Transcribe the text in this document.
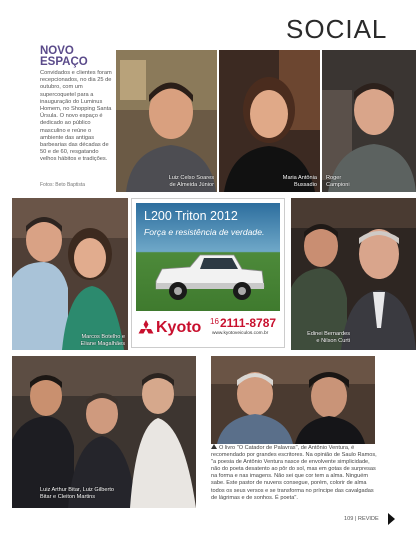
SOCIAL
NOVO
ESPAÇO
Convidados e clientes foram recepcionados, no dia 25 de outubro, com um supercoquetel para a inauguração do Luminus Homem, no Shopping Santa Úrsula. O novo espaço é dedicado ao público masculino e reúne o ambiente das antigas barbearias das décadas de 50 e de 60, resgatando velhos hábitos e tradições.
Fotos: Beto Baptista
Luiz Celso Soares
de Almeida Júnior
Maria Antônia
Bussadio
Roger
Campioni
Marcos Botelho e
Eliane Magalhães
L200 Triton 2012
Força e resistência de verdade.
Kyoto 16 2111-8787
www.kyotoveiculos.com.br	Edinei Bernardes
e Nilson Curti
Luiz Arthur Bitar, Luiz Gilberto
Bitar e Cleiton Martins
O livro "O Catador de Palavras", de Antônio Ventura, é recomendado por grandes escritores. Na opinião de Saulo Ramos, "a poesia de Antônio Ventura nasce de envolvente simplicidade, não do poeta desatento ao pôr do sol, mas em gotas de surpresas na forma e nas imagens. Não sei que cor tem a alma. Ninguém sabe. Este pastor de nuvens consegue, porém, colorir de alma todos os seus versos e se transforma no príncipe das cavalgadas de lágrimas e de sonhos. É poeta".
109 | REVIDE
